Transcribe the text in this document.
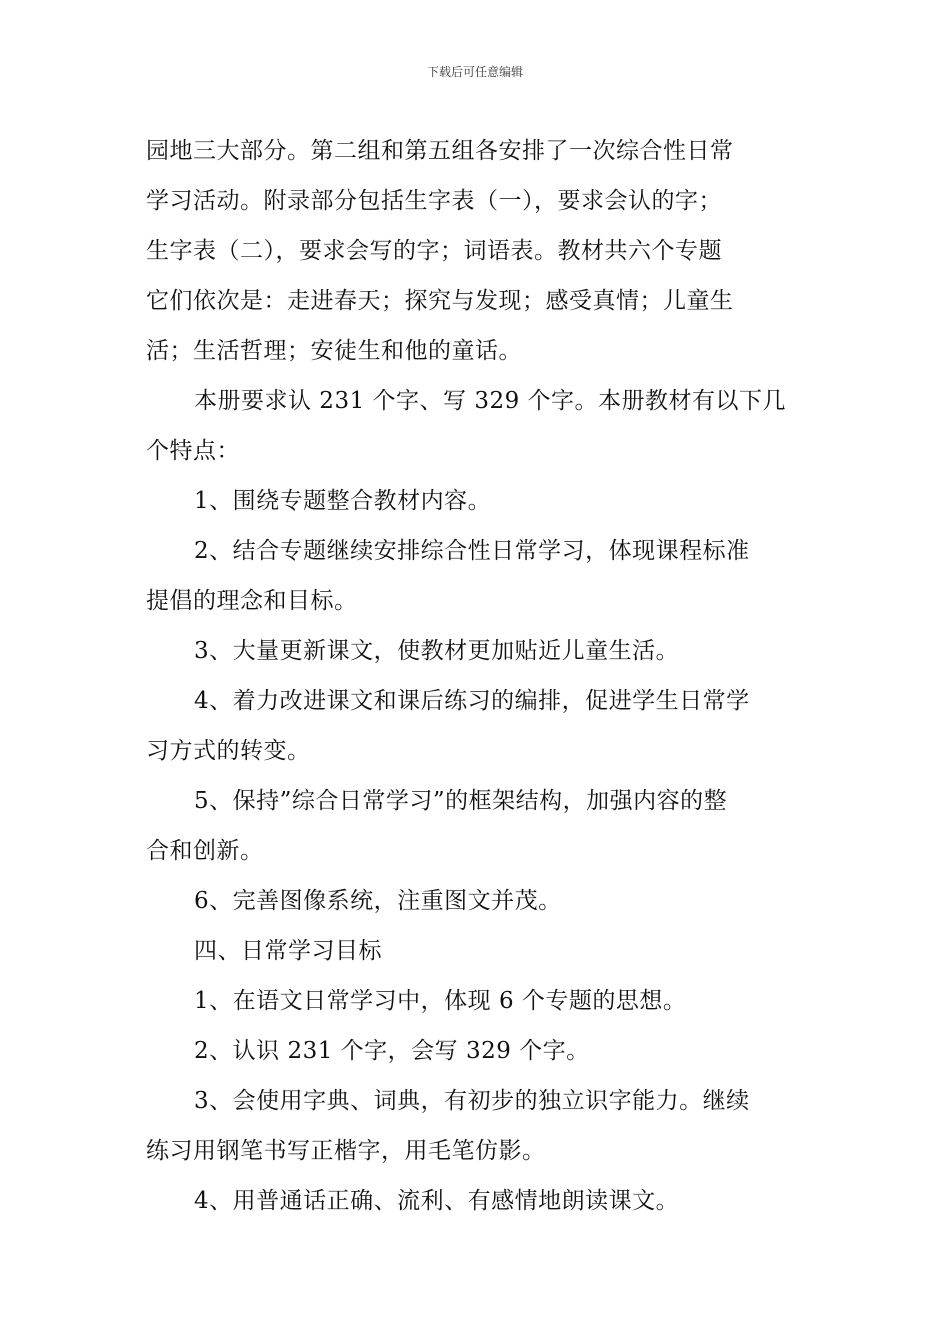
下载后可任意编辑
园地三大部分。第二组和第五组各安排了一次综合性日常
学习活动。附录部分包括生字表（一），要求会认的字；
生字表（二），要求会写的字；词语表。教材共六个专题
它们依次是：走进春天；探究与发现；感受真情；儿童生
活；生活哲理；安徒生和他的童话。
本册要求认 231 个字、写 329 个字。本册教材有以下几
个特点：
1、围绕专题整合教材内容。
2、结合专题继续安排综合性日常学习，体现课程标准
提倡的理念和目标。
3、大量更新课文，使教材更加贴近儿童生活。
4、着力改进课文和课后练习的编排，促进学生日常学
习方式的转变。
5、保持”综合日常学习”的框架结构，加强内容的整
合和创新。
6、完善图像系统，注重图文并茂。
四、日常学习目标
1、在语文日常学习中，体现 6 个专题的思想。
2、认识 231 个字，会写 329 个字。
3、会使用字典、词典，有初步的独立识字能力。继续
练习用钢笔书写正楷字，用毛笔仿影。
4、用普通话正确、流利、有感情地朗读课文。
